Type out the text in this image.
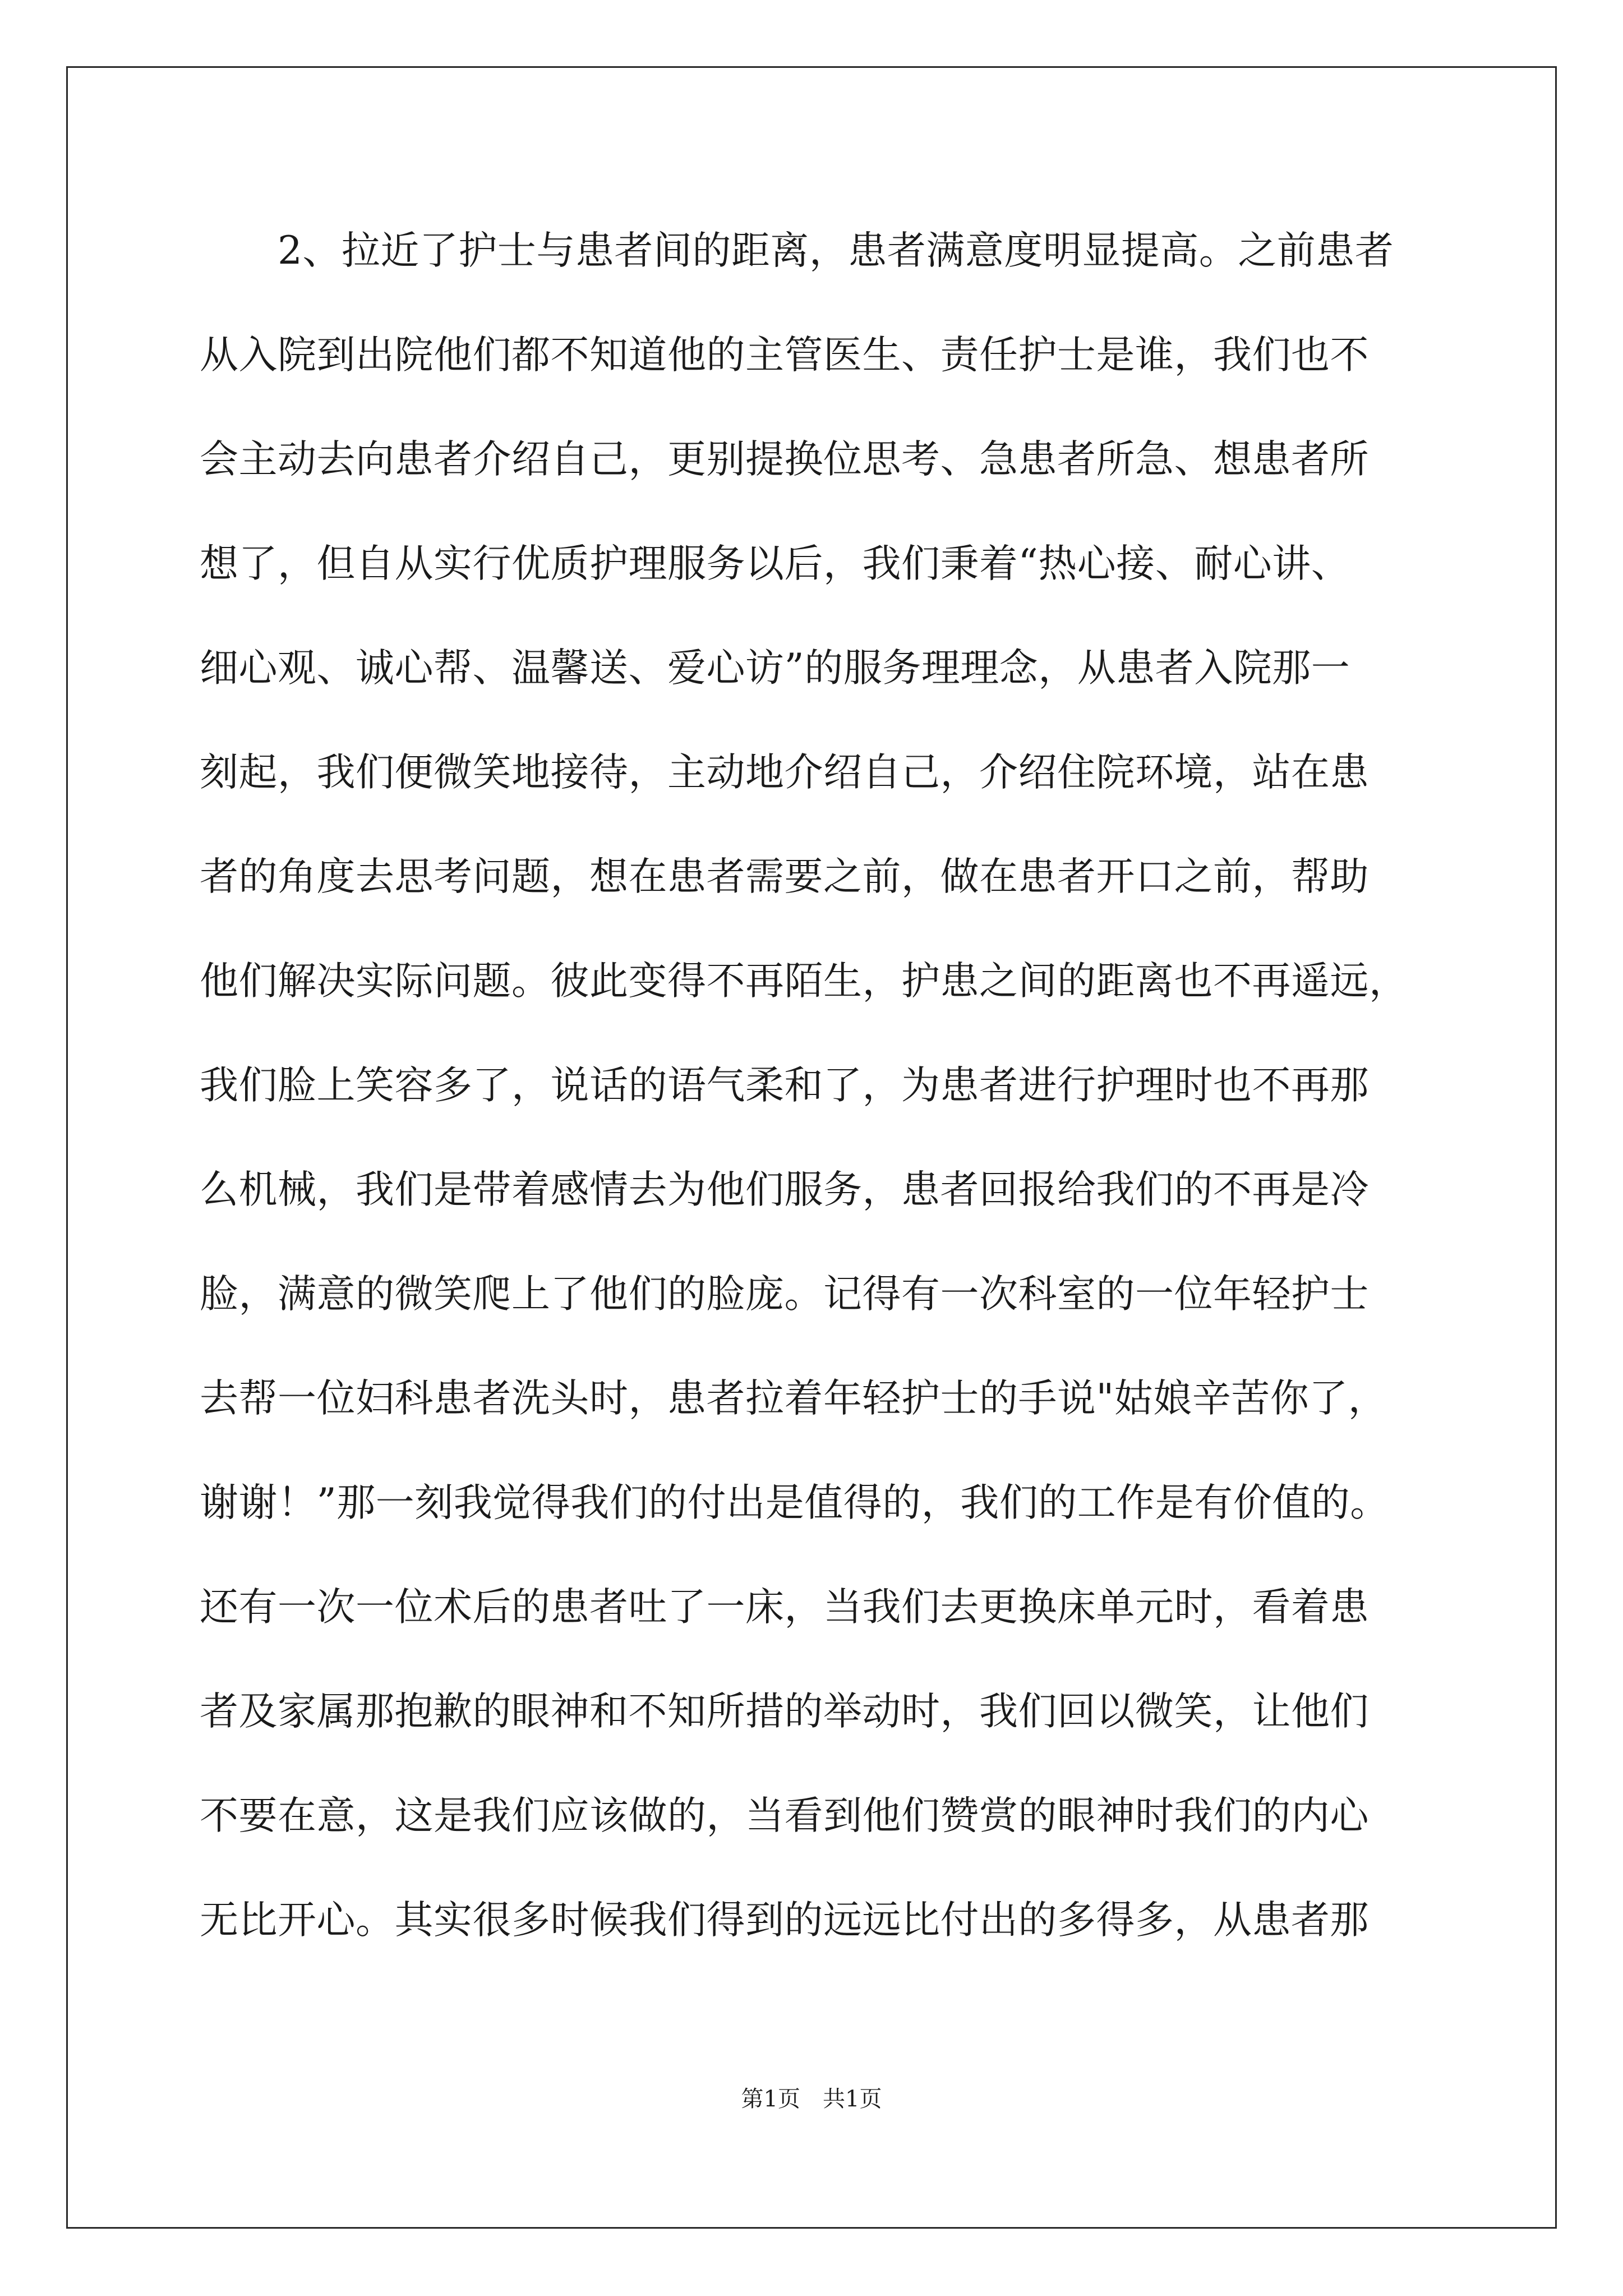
　　2、拉近了护士与患者间的距离，患者满意度明显提高。之前患者
从入院到出院他们都不知道他的主管医生、责任护士是谁，我们也不
会主动去向患者介绍自己，更别提换位思考、急患者所急、想患者所
想了，但自从实行优质护理服务以后，我们秉着“热心接、耐心讲、
细心观、诚心帮、温馨送、爱心访”的服务理理念，从患者入院那一
刻起，我们便微笑地接待，主动地介绍自己，介绍住院环境，站在患
者的角度去思考问题，想在患者需要之前，做在患者开口之前，帮助
他们解决实际问题。彼此变得不再陌生，护患之间的距离也不再遥远，
我们脸上笑容多了，说话的语气柔和了，为患者进行护理时也不再那
么机械，我们是带着感情去为他们服务，患者回报给我们的不再是冷
脸，满意的微笑爬上了他们的脸庞。记得有一次科室的一位年轻护士
去帮一位妇科患者洗头时，患者拉着年轻护士的手说"姑娘辛苦你了，
谢谢！”那一刻我觉得我们的付出是值得的，我们的工作是有价值的。
还有一次一位术后的患者吐了一床，当我们去更换床单元时，看着患
者及家属那抱歉的眼神和不知所措的举动时，我们回以微笑，让他们
不要在意，这是我们应该做的，当看到他们赞赏的眼神时我们的内心
无比开心。其实很多时候我们得到的远远比付出的多得多，从患者那
第1页　共1页
